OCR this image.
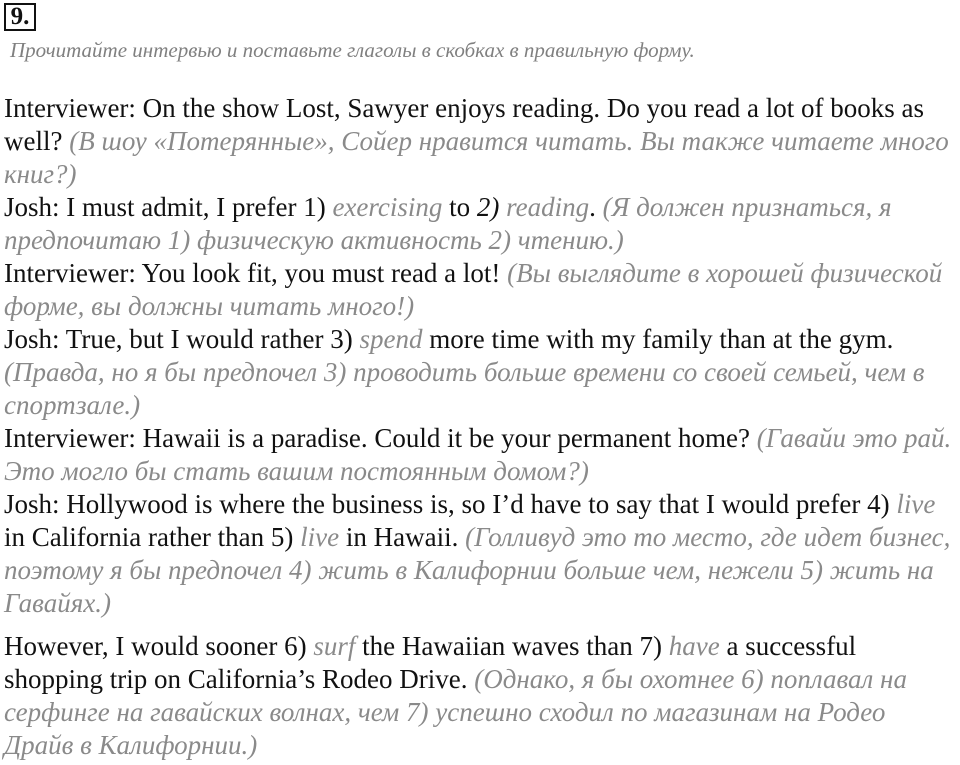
9.
Прочитайте интервью и поставьте глаголы в скобках в правильную форму.

Interviewer: On the show Lost, Sawyer enjoys reading. Do you read a lot of books as well? (В шоу «Потерянные», Сойер нравится читать. Вы также читаете много книг?)

Josh: I must admit, I prefer 1) exercising to 2) reading. (Я должен признаться, я предпочитаю 1) физическую активность 2) чтению.)

Interviewer: You look fit, you must read a lot! (Вы выглядите в хорошей физической форме, вы должны читать много!)

Josh: True, but I would rather 3) spend more time with my family than at the gym. (Правда, но я бы предпочел 3) проводить больше времени со своей семьей, чем в спортзале.)

Interviewer: Hawaii is a paradise. Could it be your permanent home? (Гавайи это рай. Это могло бы стать вашим постоянным домом?)

Josh: Hollywood is where the business is, so I’d have to say that I would prefer 4) live in California rather than 5) live in Hawaii. (Голливуд это то место, где идет бизнес, поэтому я бы предпочел 4) жить в Калифорнии больше чем, нежели 5) жить на Гавайях.)

However, I would sooner 6) surf the Hawaiian waves than 7) have a successful shopping trip on California’s Rodeo Drive. (Однако, я бы охотнее 6) поплавал на серфинге на гавайских волнах, чем 7) успешно сходил по магазинам на Родео Драйв в Калифорнии.)
